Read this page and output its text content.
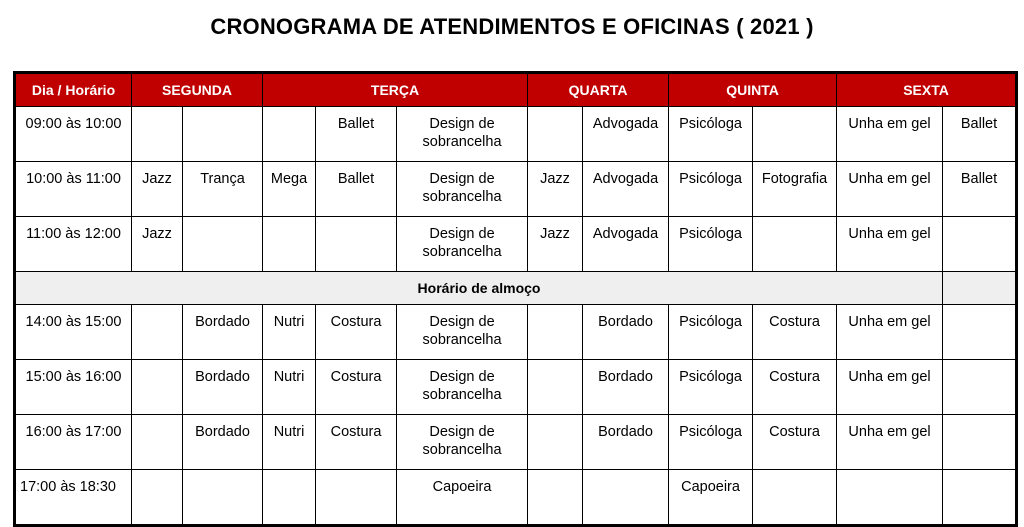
CRONOGRAMA DE ATENDIMENTOS E OFICINAS ( 2021 )
Dia / Horário	SEGUNDA		TERÇA			QUARTA		QUINTA		SEXTA	
09:00 às 10:00				Ballet	Design de sobrancelha		Advogada	Psicóloga		Unha em gel	Ballet
10:00 às 11:00	Jazz	Trança	Mega	Ballet	Design de sobrancelha	Jazz	Advogada	Psicóloga	Fotografia	Unha em gel	Ballet
11:00 às 12:00	Jazz				Design de sobrancelha	Jazz	Advogada	Psicóloga		Unha em gel	
Horário de almoço											
14:00 às 15:00		Bordado	Nutri	Costura	Design de sobrancelha		Bordado	Psicóloga	Costura	Unha em gel	
15:00 às 16:00		Bordado	Nutri	Costura	Design de sobrancelha		Bordado	Psicóloga	Costura	Unha em gel	
16:00 às 17:00		Bordado	Nutri	Costura	Design de sobrancelha		Bordado	Psicóloga	Costura	Unha em gel	
17:00 às 18:30					Capoeira			Capoeira			
